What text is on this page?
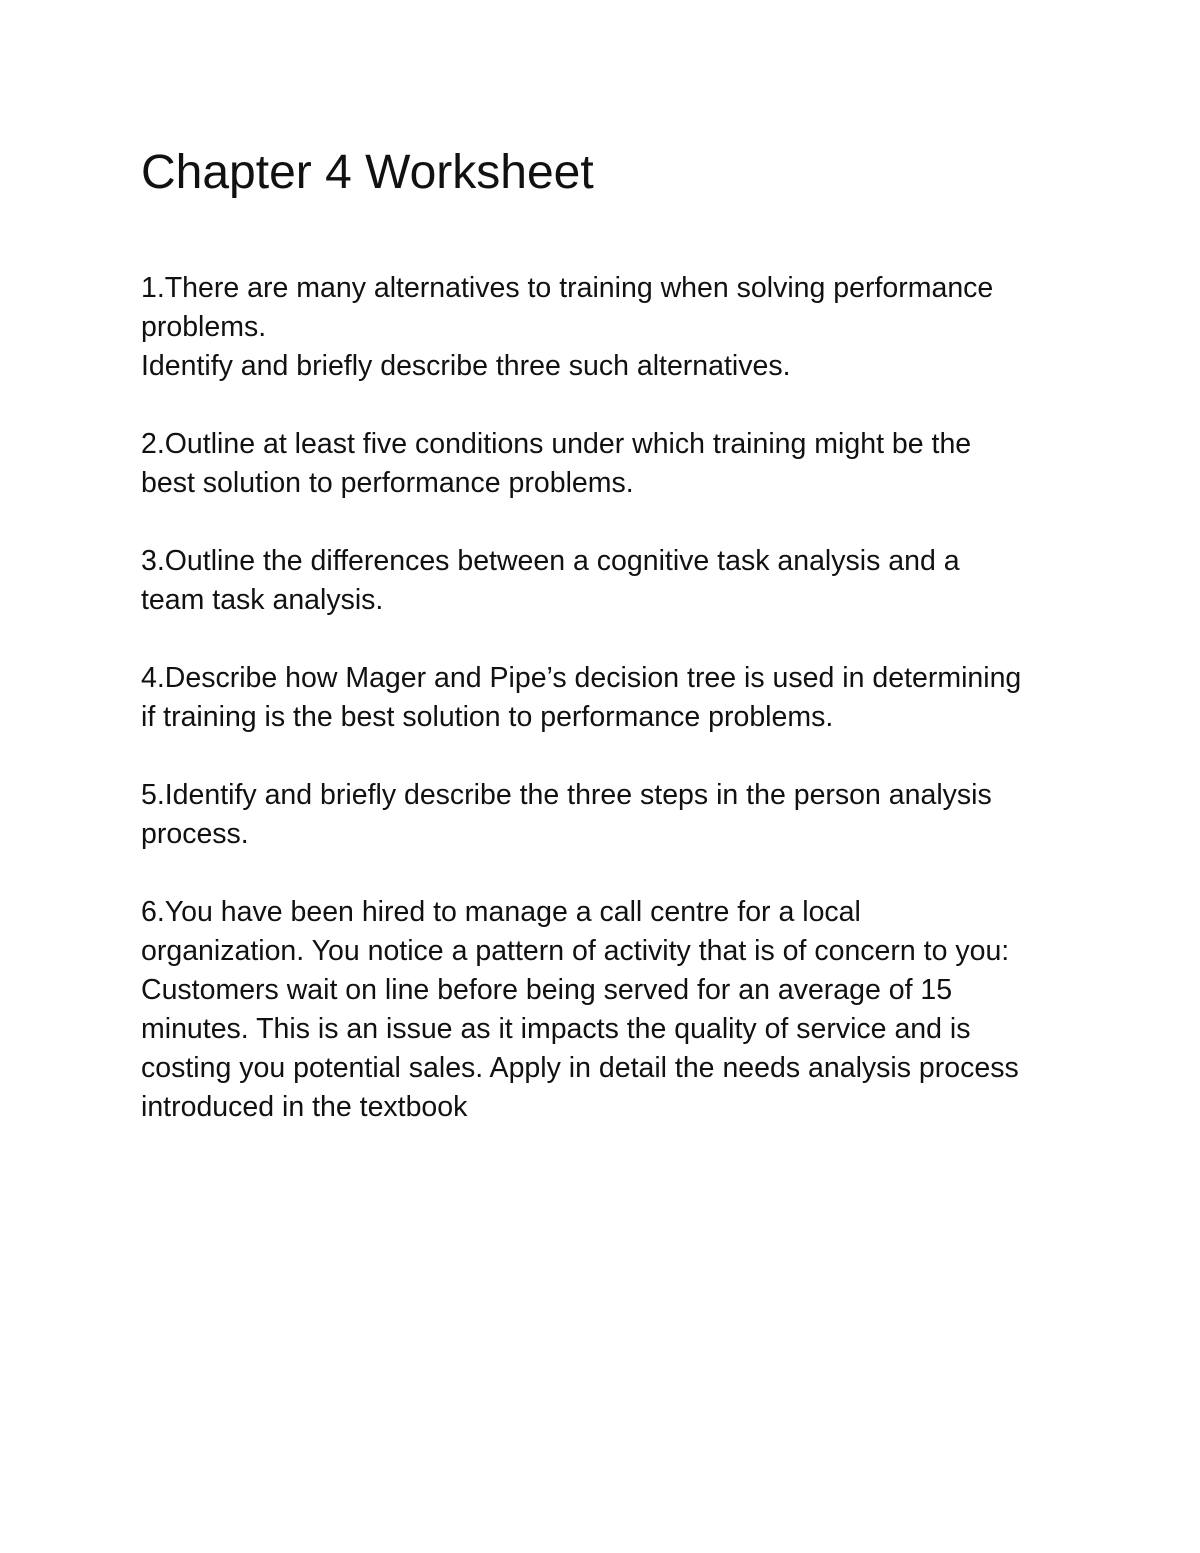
Chapter 4 Worksheet
1.There are many alternatives to training when solving performance
problems.
Identify and briefly describe three such alternatives.
2.Outline at least five conditions under which training might be the
best solution to performance problems.
3.Outline the differences between a cognitive task analysis and a
team task analysis.
4.Describe how Mager and Pipe’s decision tree is used in determining
if training is the best solution to performance problems.
5.Identify and briefly describe the three steps in the person analysis
process.
6.You have been hired to manage a call centre for a local
organization. You notice a pattern of activity that is of concern to you:
Customers wait on line before being served for an average of 15
minutes. This is an issue as it impacts the quality of service and is
costing you potential sales. Apply in detail the needs analysis process
introduced in the textbook
